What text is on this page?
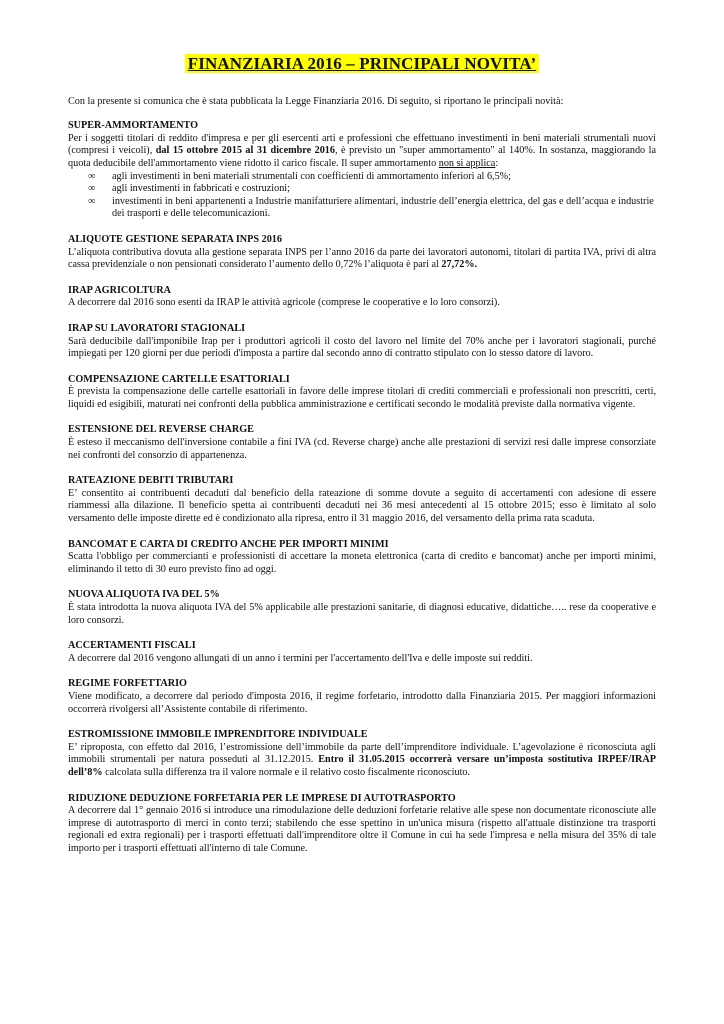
FINANZIARIA 2016 – PRINCIPALI NOVITA’

Con la presente si comunica che è stata pubblicata la Legge Finanziaria 2016. Di seguito, si riportano le principali novità:

SUPER-AMMORTAMENTO

Per i soggetti titolari di reddito d'impresa e per gli esercenti arti e professioni che effettuano investimenti in beni materiali strumentali nuovi (compresi i veicoli), dal 15 ottobre 2015 al 31 dicembre 2016, è previsto un "super ammortamento" al 140%. In sostanza, maggiorando la quota deducibile dell'ammortamento viene ridotto il carico fiscale. Il super ammortamento non si applica:

∞	agli investimenti in beni materiali strumentali con coefficienti di ammortamento inferiori al 6,5%;
∞	agli investimenti in fabbricati e costruzioni;
∞	investimenti in beni appartenenti a Industrie manifatturiere alimentari, industrie dell’energia elettrica, del gas e dell’acqua e industrie dei trasporti e delle telecomunicazioni.
ALIQUOTE GESTIONE SEPARATA INPS 2016

L’aliquota contributiva dovuta alla gestione separata INPS per l’anno 2016 da parte dei lavoratori autonomi, titolari di partita IVA, privi di altra cassa previdenziale o non pensionati considerato l’aumento dello 0,72% l’aliquota è pari al 27,72%.

IRAP AGRICOLTURA

A decorrere dal 2016 sono esenti da IRAP le attività agricole (comprese le cooperative e lo loro consorzi).

IRAP SU LAVORATORI STAGIONALI

Sarà deducibile dall'imponibile Irap per i produttori agricoli il costo del lavoro nel limite del 70% anche per i lavoratori stagionali, purché impiegati per 120 giorni per due periodi d'imposta a partire dal secondo anno di contratto stipulato con lo stesso datore di lavoro.

COMPENSAZIONE CARTELLE ESATTORIALI

È prevista la compensazione delle cartelle esattoriali in favore delle imprese titolari di crediti commerciali e professionali non prescritti, certi, liquidi ed esigibili, maturati nei confronti della pubblica amministrazione e certificati secondo le modalità previste dalla normativa vigente.

ESTENSIONE DEL REVERSE CHARGE

È esteso il meccanismo dell'inversione contabile a fini IVA (cd. Reverse charge) anche alle prestazioni di servizi resi dalle imprese consorziate nei confronti del consorzio di appartenenza.

RATEAZIONE DEBITI TRIBUTARI

E’ consentito ai contribuenti decaduti dal beneficio della rateazione di somme dovute a seguito di accertamenti con adesione di essere riammessi alla dilazione. Il beneficio spetta ai contribuenti decaduti nei 36 mesi antecedenti al 15 ottobre 2015; esso è limitato al solo versamento delle imposte dirette ed è condizionato alla ripresa, entro il 31 maggio 2016, del versamento della prima rata scaduta.

BANCOMAT E CARTA DI CREDITO ANCHE PER IMPORTI MINIMI

Scatta l'obbligo per commercianti e professionisti di accettare la moneta elettronica (carta di credito e bancomat) anche per importi minimi, eliminando il tetto di 30 euro previsto fino ad oggi.

NUOVA ALIQUOTA IVA DEL 5%

È stata introdotta la nuova aliquota IVA del 5% applicabile alle prestazioni sanitarie, di diagnosi educative, didattiche….. rese da cooperative e loro consorzi.

ACCERTAMENTI FISCALI

A decorrere dal 2016 vengono allungati di un anno i termini per l'accertamento dell'Iva e delle imposte sui redditi.

REGIME FORFETTARIO

Viene modificato, a decorrere dal periodo d'imposta 2016, il regime forfetario, introdotto dalla Finanziaria 2015. Per maggiori informazioni occorrerà rivolgersi all’Assistente contabile di riferimento.

ESTROMISSIONE IMMOBILE IMPRENDITORE INDIVIDUALE

E’ riproposta, con effetto dal 2016, l’estromissione dell’immobile da parte dell’imprenditore individuale. L’agevolazione è riconosciuta agli immobili strumentali per natura posseduti al 31.12.2015. Entro il 31.05.2015 occorrerà versare un’imposta sostitutiva IRPEF/IRAP dell’8% calcolata sulla differenza tra il valore normale e il relativo costo fiscalmente riconosciuto.

RIDUZIONE DEDUZIONE FORFETARIA PER LE IMPRESE DI AUTOTRASPORTO

A decorrere dal 1° gennaio 2016 si introduce una rimodulazione delle deduzioni forfetarie relative alle spese non documentate riconosciute alle imprese di autotrasporto di merci in conto terzi; stabilendo che esse spettino in un'unica misura (rispetto all'attuale distinzione tra trasporti regionali ed extra regionali) per i trasporti effettuati dall'imprenditore oltre il Comune in cui ha sede l'impresa e nella misura del 35% di tale importo per i trasporti effettuati all'interno di tale Comune.
